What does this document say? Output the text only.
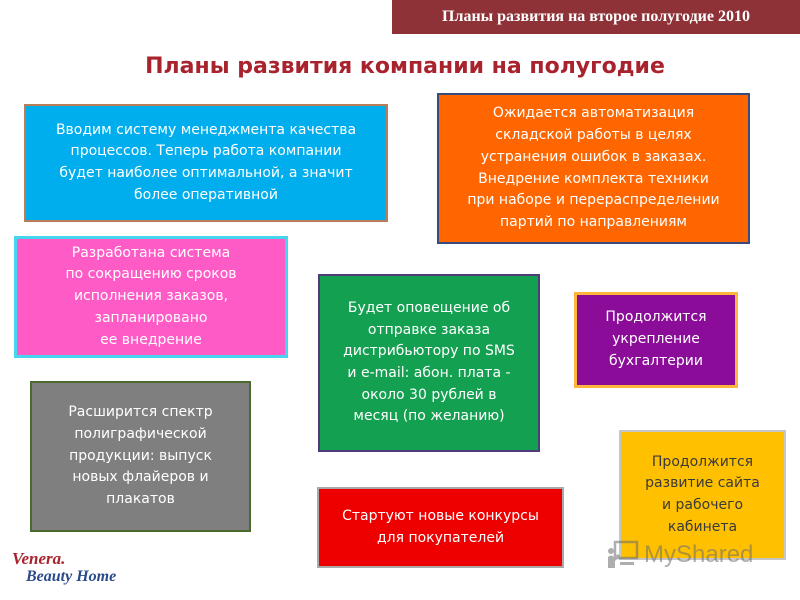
Планы развития на второе полугодие 2010
Планы развития компании на полугодие
Вводим систему менеджмента качества
процессов. Теперь работа компании
будет наиболее оптимальной, а значит
более оперативной
Ожидается автоматизация
складской работы в целях
устранения ошибок в заказах.
Внедрение комплекта техники
при наборе и перераспределении
партий по направлениям
Разработана система
по сокращению сроков
исполнения заказов,
запланировано
ее внедрение
Будет оповещение об
отправке заказа
дистрибьютору по SMS
и e-mail: абон. плата -
около 30 рублей в
месяц (по желанию)
Продолжится
укрепление
бухгалтерии
Расширится спектр
полиграфической
продукции: выпуск
новых флайеров и
плакатов
Продолжится
развитие сайта
и рабочего
кабинета
Стартуют новые конкурсы
для покупателей
Venera.
Beauty Home
MyShared
